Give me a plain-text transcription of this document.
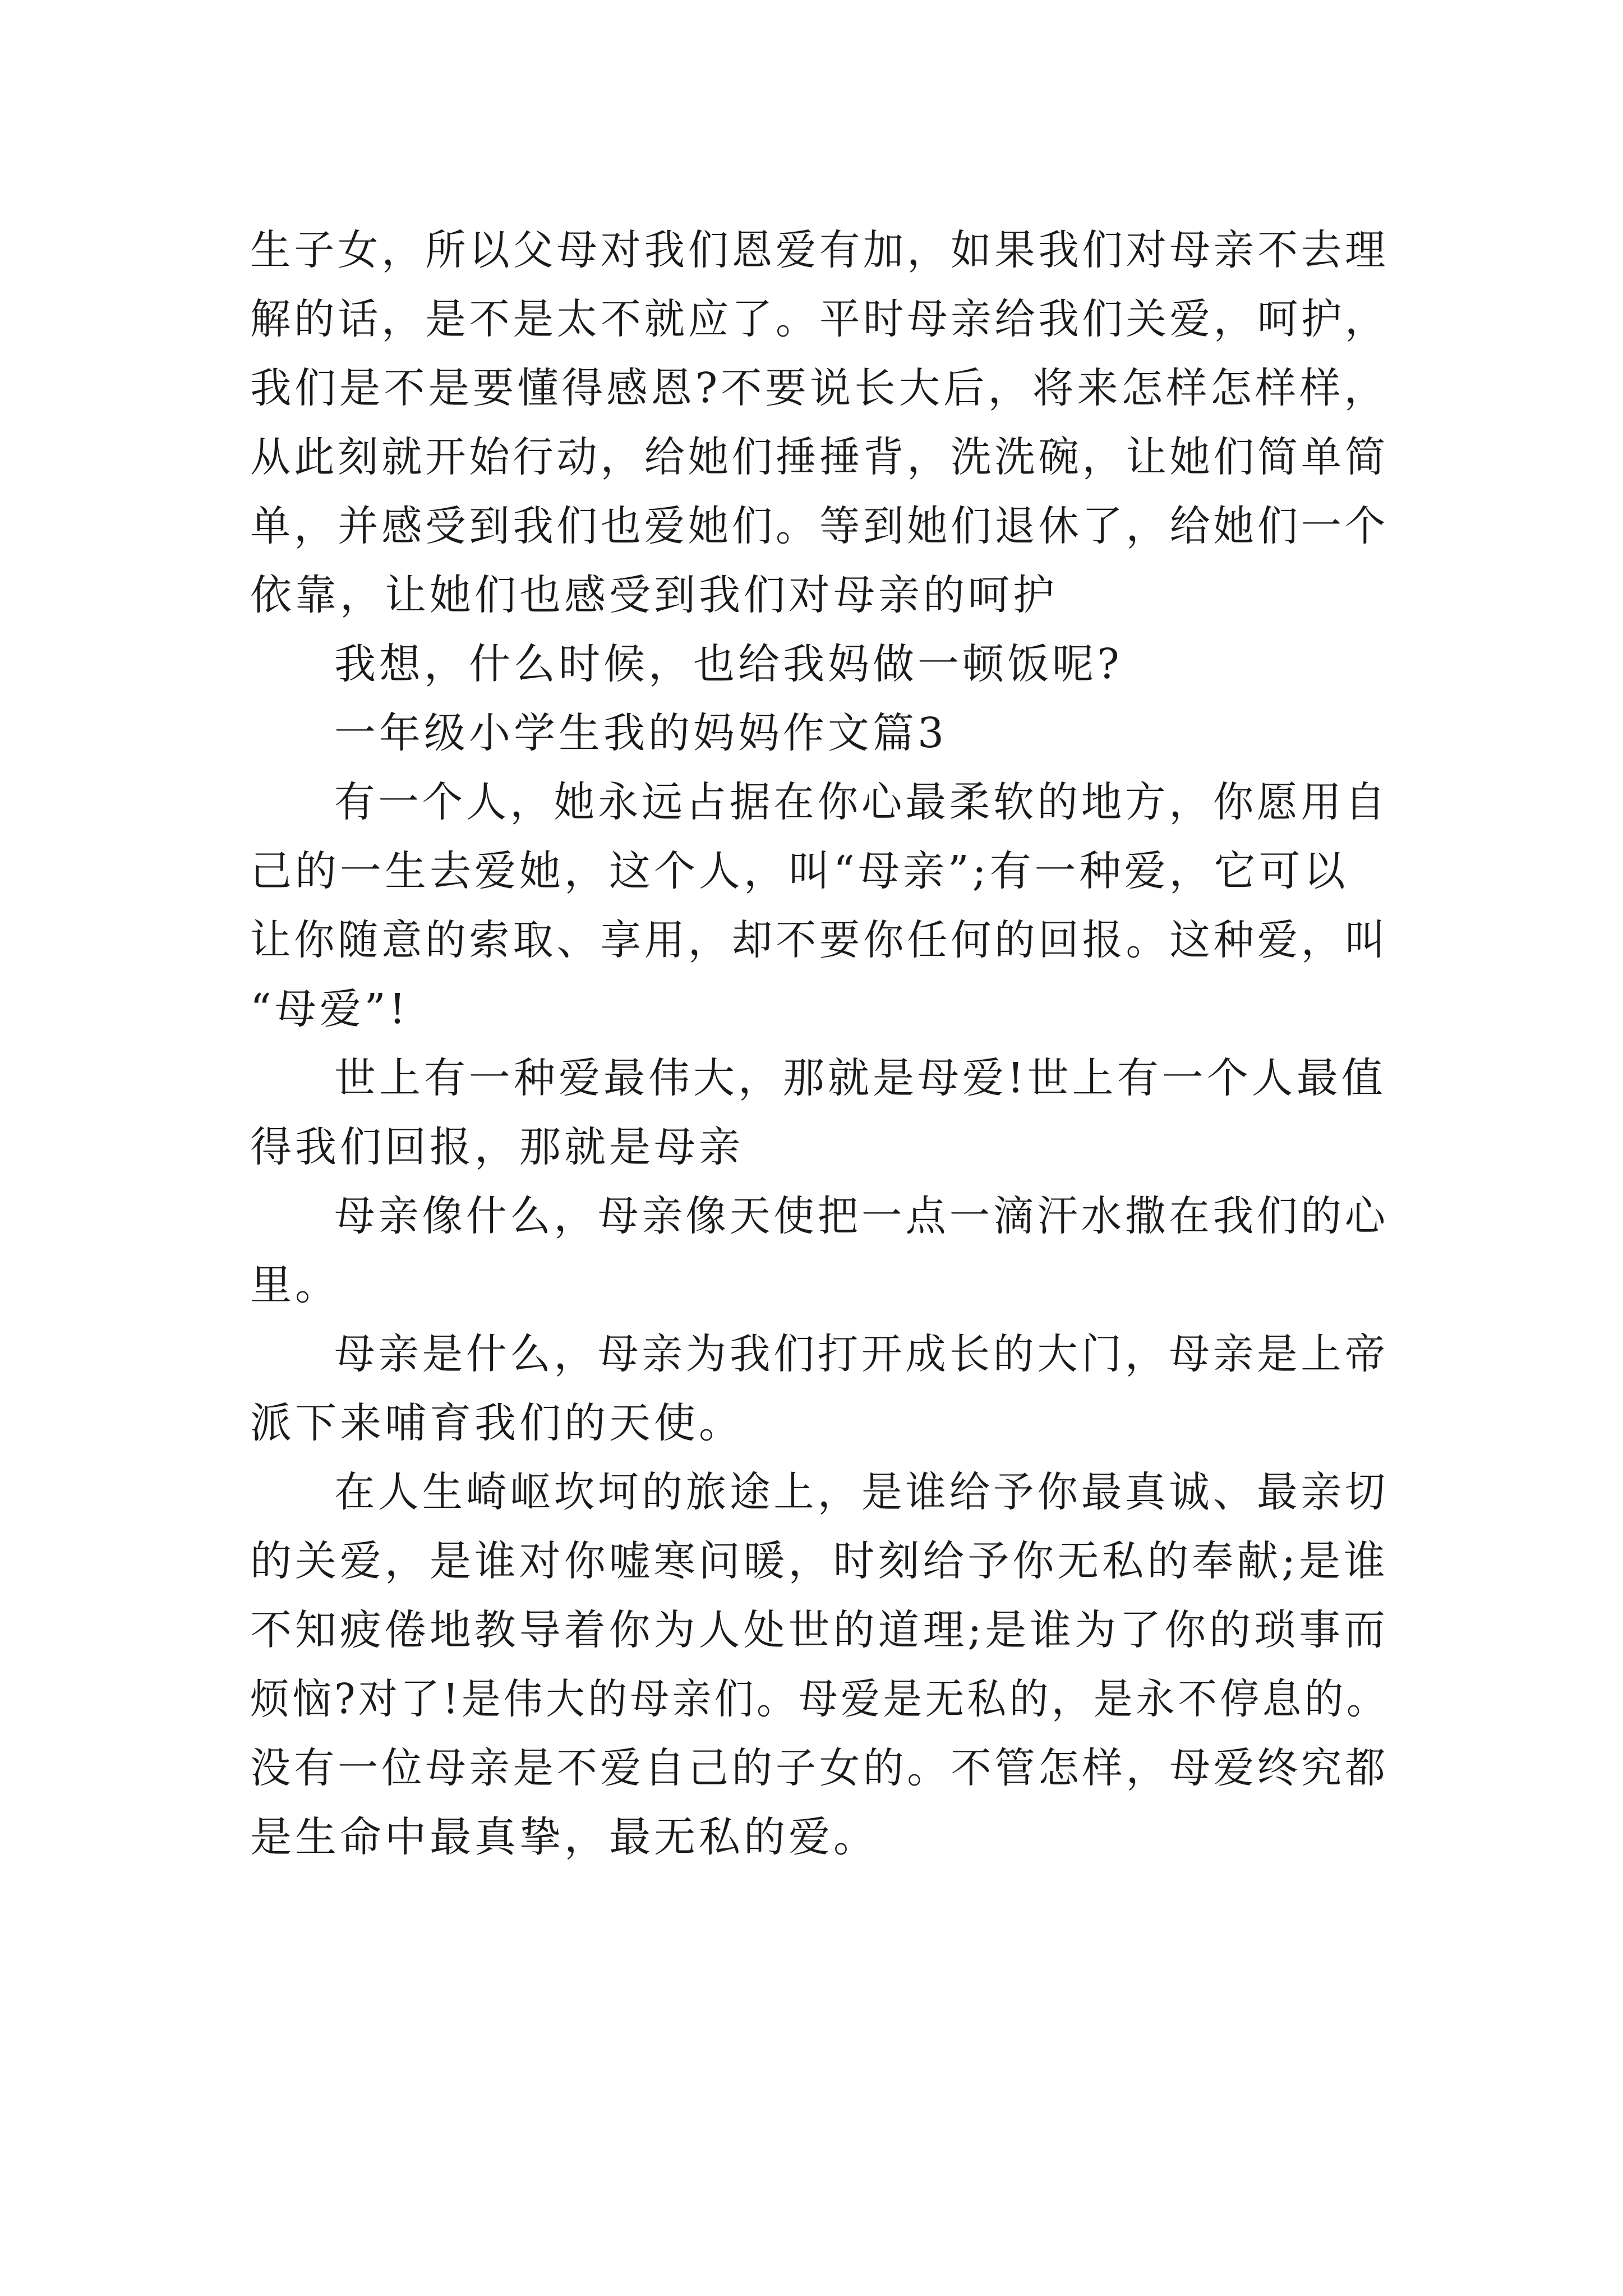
生子女，所以父母对我们恩爱有加，如果我们对母亲不去理
解的话，是不是太不就应了。平时母亲给我们关爱，呵护，
我们是不是要懂得感恩?不要说长大后，将来怎样怎样样，
从此刻就开始行动，给她们捶捶背，洗洗碗，让她们简单简
单，并感受到我们也爱她们。等到她们退休了，给她们一个
依靠，让她们也感受到我们对母亲的呵护
我想，什么时候，也给我妈做一顿饭呢?
一年级小学生我的妈妈作文篇3
有一个人，她永远占据在你心最柔软的地方，你愿用自
己的一生去爱她，这个人，叫“母亲”;有一种爱，它可以
让你随意的索取、享用，却不要你任何的回报。这种爱，叫
“母爱”!
世上有一种爱最伟大，那就是母爱!世上有一个人最值
得我们回报，那就是母亲
母亲像什么，母亲像天使把一点一滴汗水撒在我们的心
里。
母亲是什么，母亲为我们打开成长的大门，母亲是上帝
派下来哺育我们的天使。
在人生崎岖坎坷的旅途上，是谁给予你最真诚、最亲切
的关爱，是谁对你嘘寒问暖，时刻给予你无私的奉献;是谁
不知疲倦地教导着你为人处世的道理;是谁为了你的琐事而
烦恼?对了!是伟大的母亲们。母爱是无私的，是永不停息的。
没有一位母亲是不爱自己的子女的。不管怎样，母爱终究都
是生命中最真挚，最无私的爱。
